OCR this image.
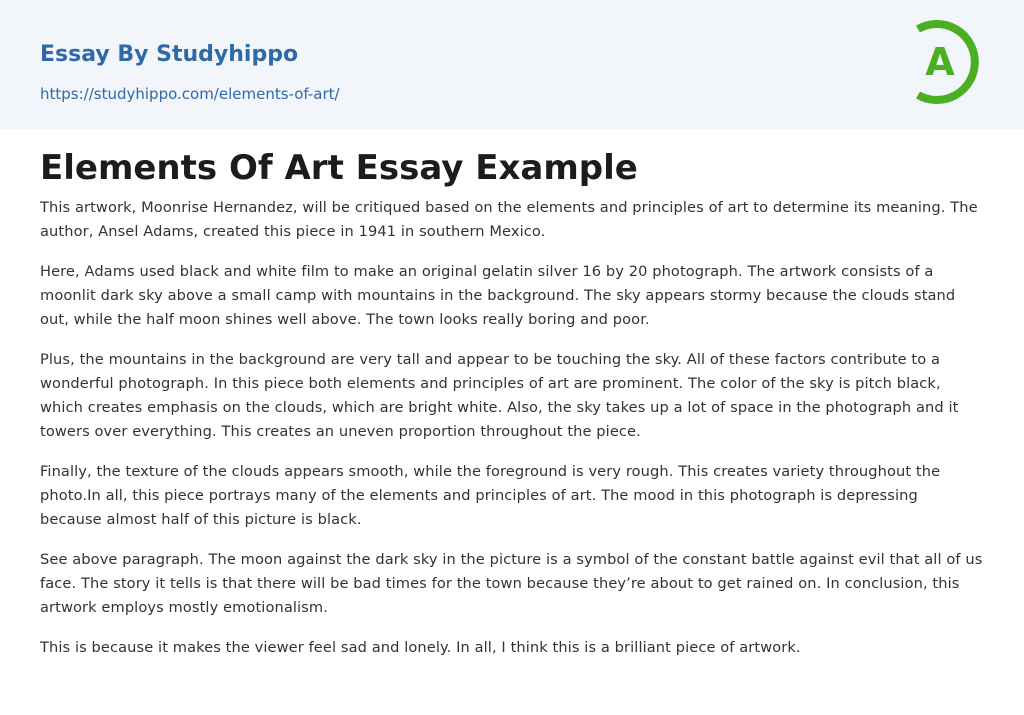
Essay By Studyhippo
https://studyhippo.com/elements-of-art/
A
Elements Of Art Essay Example

This artwork, Moonrise Hernandez, will be critiqued based on the elements and principles of art to determine its meaning. The author, Ansel Adams, created this piece in 1941 in southern Mexico.

Here, Adams used black and white film to make an original gelatin silver 16 by 20 photograph. The artwork consists of a moonlit dark sky above a small camp with mountains in the background. The sky appears stormy because the clouds stand out, while the half moon shines well above. The town looks really boring and poor.

Plus, the mountains in the background are very tall and appear to be touching the sky. All of these factors contribute to a wonderful photograph. In this piece both elements and principles of art are prominent. The color of the sky is pitch black, which creates emphasis on the clouds, which are bright white. Also, the sky takes up a lot of space in the photograph and it towers over everything. This creates an uneven proportion throughout the piece.

Finally, the texture of the clouds appears smooth, while the foreground is very rough. This creates variety throughout the photo.In all, this piece portrays many of the elements and principles of art. The mood in this photograph is depressing because almost half of this picture is black.

See above paragraph. The moon against the dark sky in the picture is a symbol of the constant battle against evil that all of us face. The story it tells is that there will be bad times for the town because they’re about to get rained on. In conclusion, this artwork employs mostly emotionalism.

This is because it makes the viewer feel sad and lonely. In all, I think this is a brilliant piece of artwork.
